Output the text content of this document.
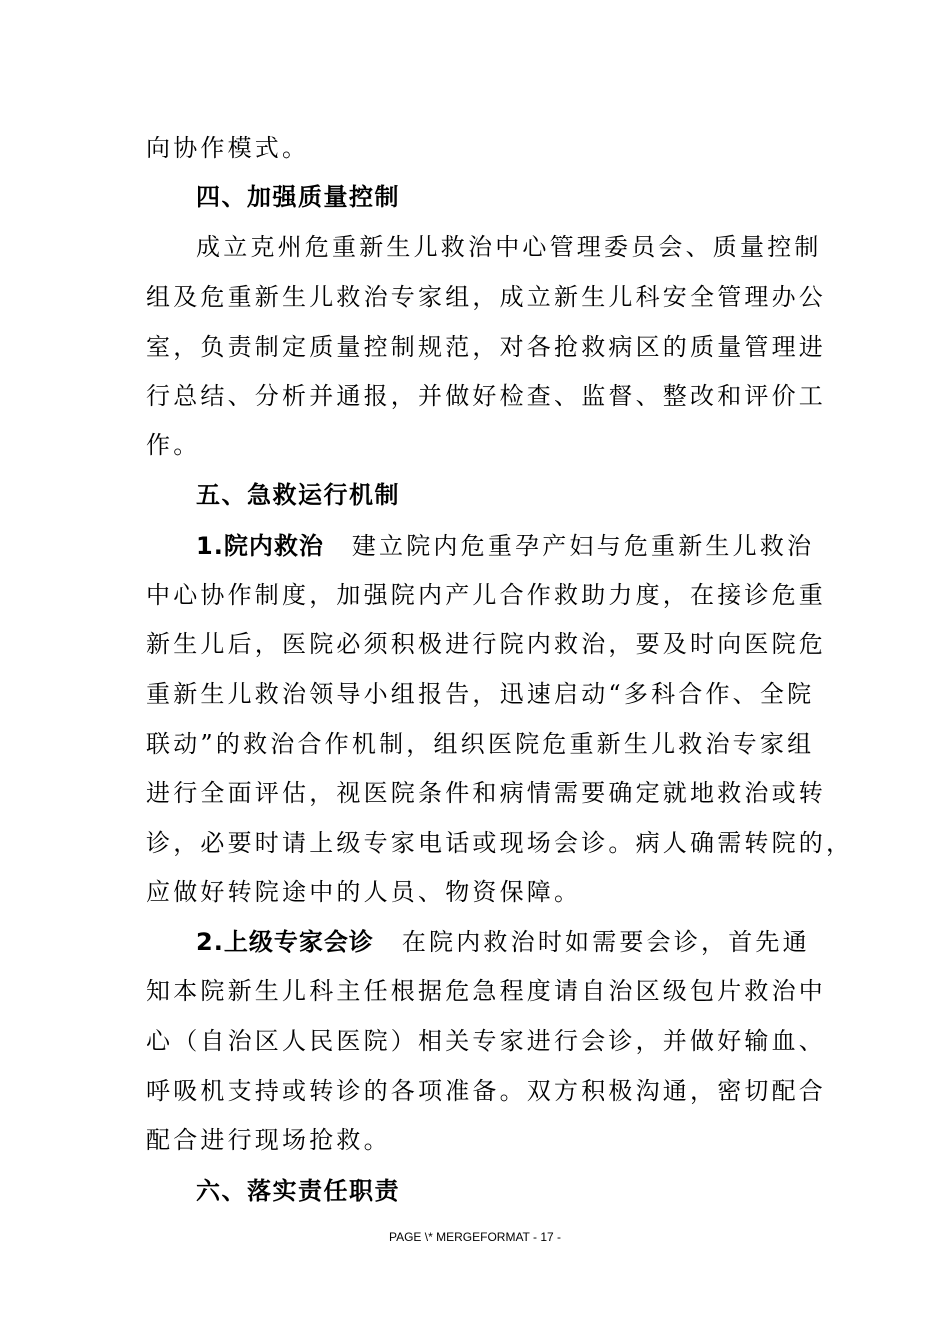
向协作模式。
四、加强质量控制
成立克州危重新生儿救治中心管理委员会、质量控制
组及危重新生儿救治专家组，成立新生儿科安全管理办公
室，负责制定质量控制规范，对各抢救病区的质量管理进
行总结、分析并通报，并做好检查、监督、整改和评价工
作。
五、急救运行机制
1.院内救治 建立院内危重孕产妇与危重新生儿救治
中心协作制度，加强院内产儿合作救助力度，在接诊危重
新生儿后，医院必须积极进行院内救治，要及时向医院危
重新生儿救治领导小组报告，迅速启动“多科合作、全院
联动”的救治合作机制，组织医院危重新生儿救治专家组
进行全面评估，视医院条件和病情需要确定就地救治或转
诊，必要时请上级专家电话或现场会诊。病人确需转院的，
应做好转院途中的人员、物资保障。
2.上级专家会诊 在院内救治时如需要会诊，首先通
知本院新生儿科主任根据危急程度请自治区级包片救治中
心（自治区人民医院）相关专家进行会诊，并做好输血、
呼吸机支持或转诊的各项准备。双方积极沟通，密切配合
配合进行现场抢救。
六、落实责任职责
PAGE \* MERGEFORMAT - 17 -
